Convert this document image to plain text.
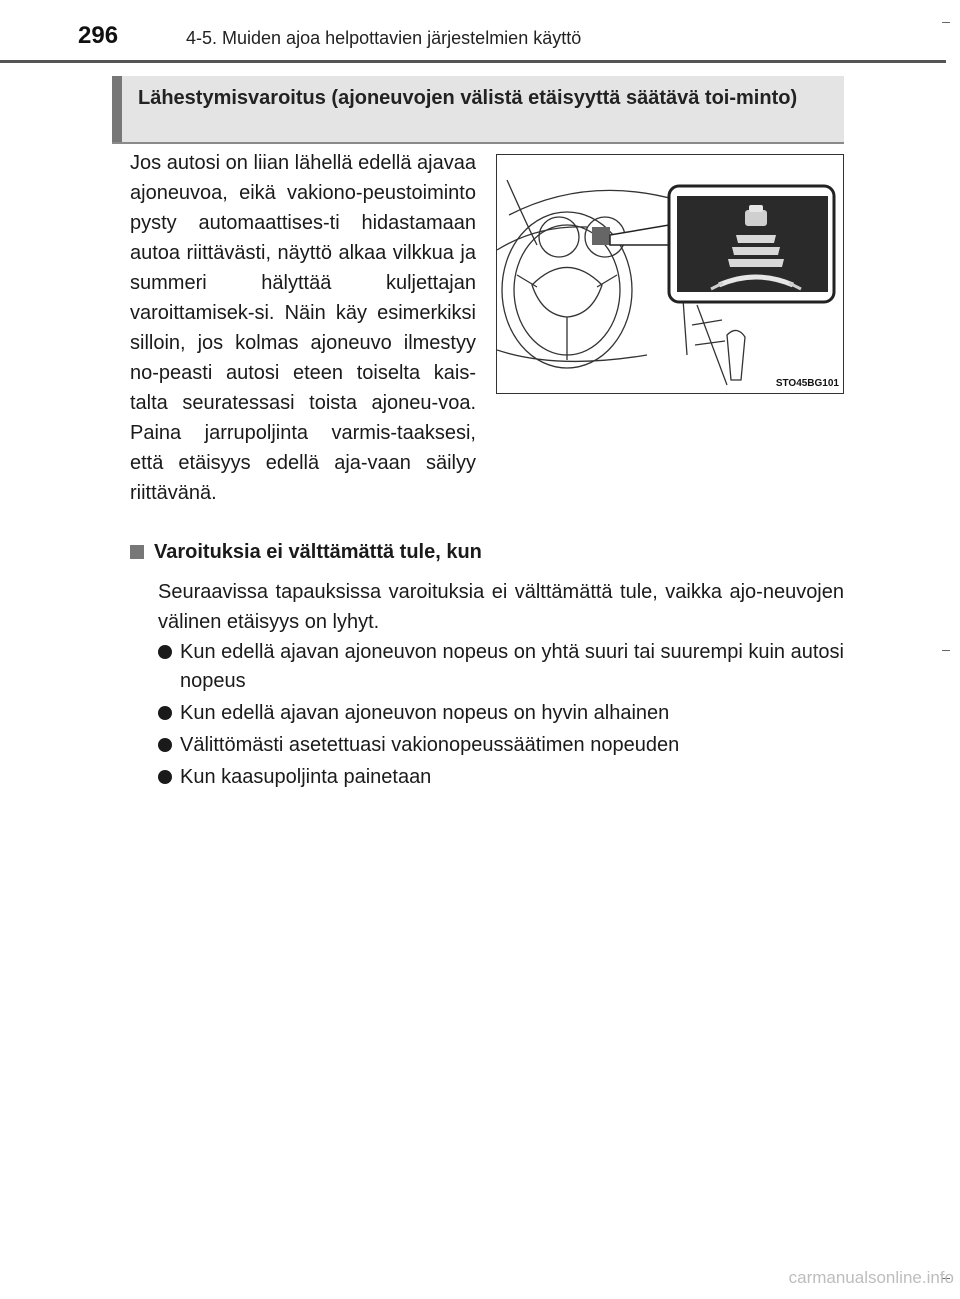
296	4-5. Muiden ajoa helpottavien järjestelmien käyttö
Lähestymisvaroitus (ajoneuvojen välistä etäisyyttä säätävä toi-minto)

Jos autosi on liian lähellä edellä ajavaa ajoneuvoa, eikä vakiono-peustoiminto pysty automaattises-ti hidastamaan autoa riittävästi, näyttö alkaa vilkkua ja summeri hälyttää kuljettajan varoittamisek-si. Näin käy esimerkiksi silloin, jos kolmas ajoneuvo ilmestyy no-peasti autosi eteen toiselta kais-talta seuratessasi toista ajoneu-voa. Paina jarrupoljinta varmis-taaksesi, että etäisyys edellä aja-vaan säilyy riittävänä.

STO45BG101
Varoituksia ei välttämättä tule, kun

Seuraavissa tapauksissa varoituksia ei välttämättä tule, vaikka ajo-neuvojen välinen etäisyys on lyhyt.

Kun edellä ajavan ajoneuvon nopeus on yhtä suuri tai suurempi kuin autosi nopeus
Kun edellä ajavan ajoneuvon nopeus on hyvin alhainen
Välittömästi asetettuasi vakionopeussäätimen nopeuden
Kun kaasupoljinta painetaan
carmanualsonline.info
